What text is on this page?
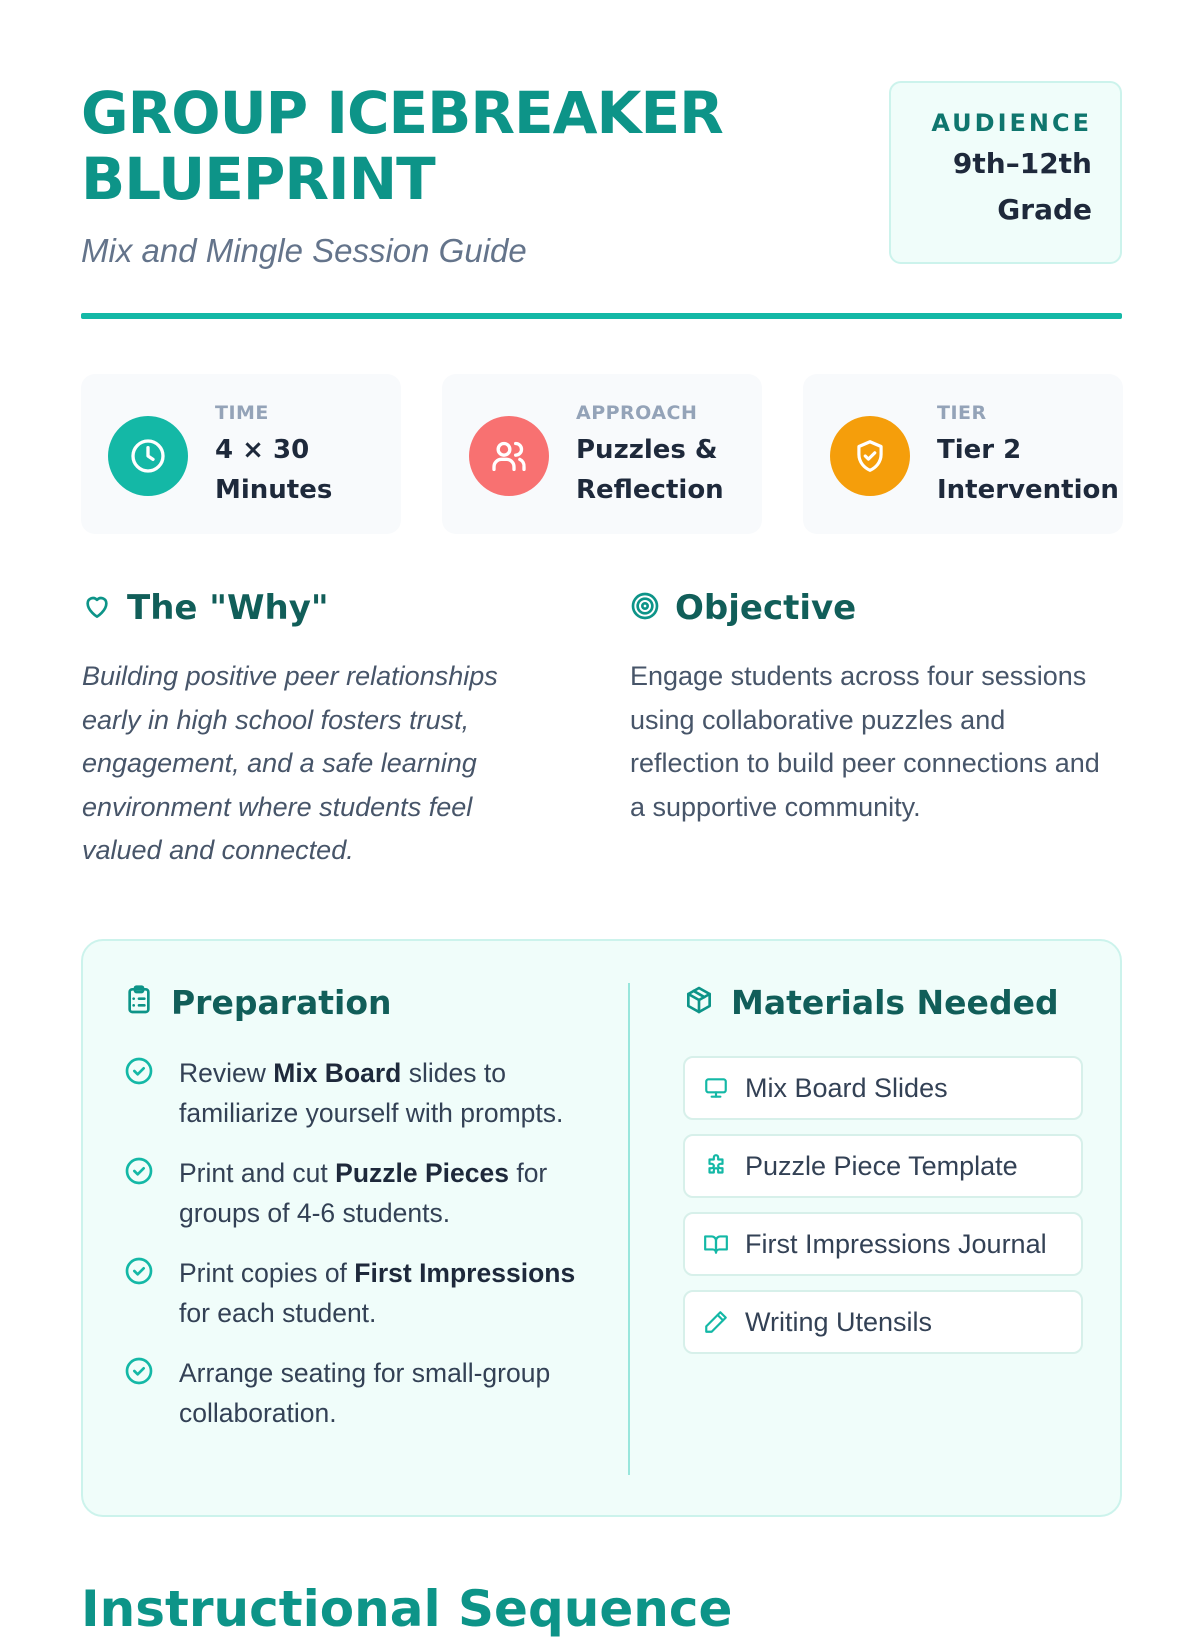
GROUP ICEBREAKER BLUEPRINT
Mix and Mingle Session Guide
AUDIENCE
9th–12th Grade
TIME
4 × 30 Minutes
APPROACH
Puzzles & Reflection
TIER
Tier 2 Intervention
The "Why"

Building positive peer relationships early in high school fosters trust, engagement, and a safe learning environment where students feel valued and connected.

Objective

Engage students across four sessions using collaborative puzzles and reflection to build peer connections and a supportive community.

Preparation
Review Mix Board slides to familiarize yourself with prompts.
Print and cut Puzzle Pieces for groups of 4-6 students.
Print copies of First Impressions for each student.
Arrange seating for small-group collaboration.
Materials Needed
Mix Board Slides
Puzzle Piece Template
First Impressions Journal
Writing Utensils
Instructional Sequence
